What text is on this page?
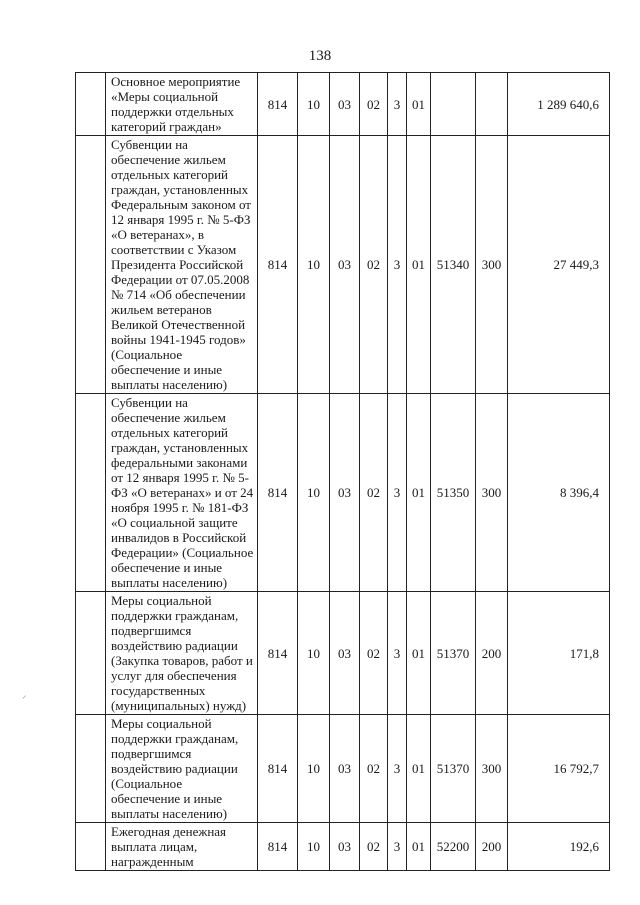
138
	Основное мероприятие «Меры социальной поддержки отдельных категорий граждан»	814	10	03	02	3	01			1 289 640,6
	Субвенции на обеспечение жильем отдельных категорий граждан, установленных Федеральным законом от 12 января 1995 г. № 5-ФЗ «О ветеранах», в соответствии с Указом Президента Российской Федерации от 07.05.2008 № 714 «Об обеспечении жильем ветеранов Великой Отечественной войны 1941-1945 годов» (Социальное обеспечение и иные выплаты населению)	814	10	03	02	3	01	51340	300	27 449,3
	Субвенции на обеспечение жильем отдельных категорий граждан, установленных федеральными законами от 12 января 1995 г. № 5-ФЗ «О ветеранах» и от 24 ноября 1995 г. № 181-ФЗ «О социальной защите инвалидов в Российской Федерации» (Социальное обеспечение и иные выплаты населению)	814	10	03	02	3	01	51350	300	8 396,4
	Меры социальной поддержки гражданам, подвергшимся воздействию радиации (Закупка товаров, работ и услуг для обеспечения государственных (муниципальных) нужд)	814	10	03	02	3	01	51370	200	171,8
	Меры социальной поддержки гражданам, подвергшимся воздействию радиации (Социальное обеспечение и иные выплаты населению)	814	10	03	02	3	01	51370	300	16 792,7
	Ежегодная денежная выплата лицам, награжденным	814	10	03	02	3	01	52200	200	192,6
⸝
